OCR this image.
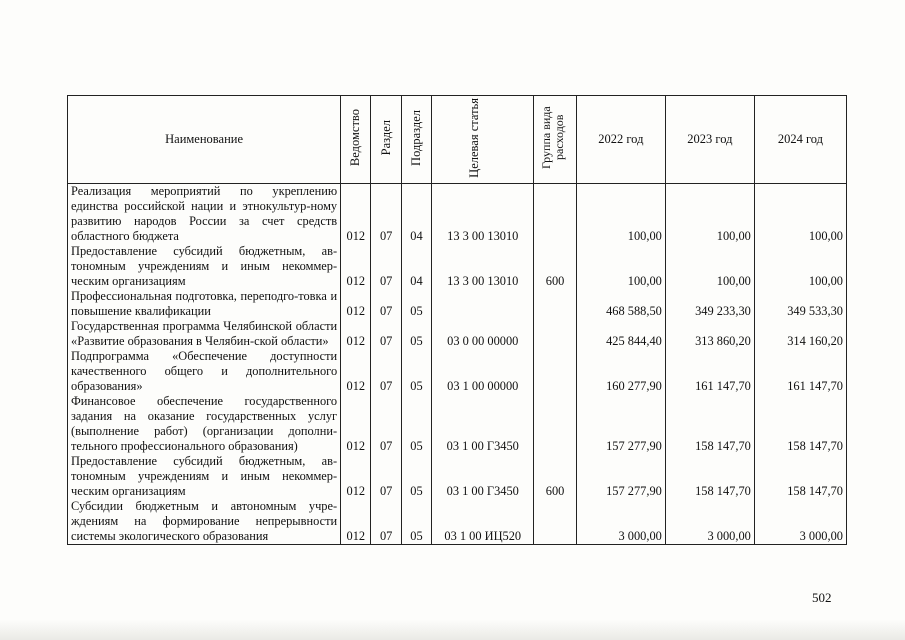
Наименование	Ведомство	Раздел	Подраздел	Целевая статья	Группа вида расходов	2022 год	2023 год	2024 год
Реализация мероприятий по укреплению единства российской нации и этнокультур-ному развитию народов России за счет средств областного бюджета	012	07	04	13 3 00 13010		100,00	100,00	100,00
Предоставление субсидий бюджетным, ав-тономным учреждениям и иным некоммер-ческим организациям	012	07	04	13 3 00 13010	600	100,00	100,00	100,00
Профессиональная подготовка, переподго-товка и повышение квалификации	012	07	05			468 588,50	349 233,30	349 533,30
Государственная программа Челябинской области «Развитие образования в Челябин-ской области»	012	07	05	03 0 00 00000		425 844,40	313 860,20	314 160,20
Подпрограмма «Обеспечение доступности качественного общего и дополнительного образования»	012	07	05	03 1 00 00000		160 277,90	161 147,70	161 147,70
Финансовое обеспечение государственного задания на оказание государственных услуг (выполнение работ) (организации дополни-тельного профессионального образования)	012	07	05	03 1 00 Г3450		157 277,90	158 147,70	158 147,70
Предоставление субсидий бюджетным, ав-тономным учреждениям и иным некоммер-ческим организациям	012	07	05	03 1 00 Г3450	600	157 277,90	158 147,70	158 147,70
Субсидии бюджетным и автономным учре-ждениям на формирование непрерывности системы экологического образования	012	07	05	03 1 00 ИЦ520		3 000,00	3 000,00	3 000,00
502
